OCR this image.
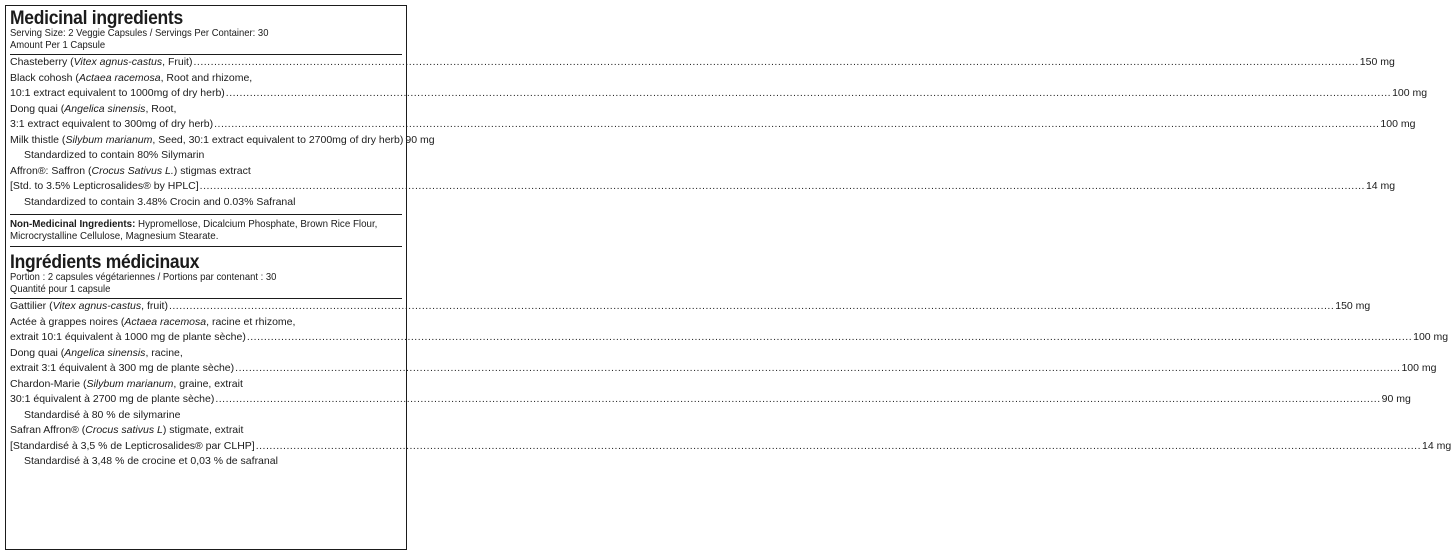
Medicinal ingredients
Serving Size: 2 Veggie Capsules / Servings Per Container: 30
Amount Per 1 Capsule
Chasteberry (Vitex agnus-castus, Fruit) .....	150 mg
Black cohosh (Actaea racemosa, Root and rhizome,
10:1 extract equivalent to 1000mg of dry herb) .....	100 mg
Dong quai (Angelica sinensis, Root,
3:1 extract equivalent to 300mg of dry herb) .....	100 mg
Milk thistle (Silybum marianum, Seed, 30:1 extract equivalent to 2700mg of dry herb) 90 mg
Standardized to contain 80% Silymarin
Affron®: Saffron (Crocus Sativus L.) stigmas extract
[Std. to 3.5% Lepticrosalides® by HPLC] .....	14 mg
Standardized to contain 3.48% Crocin and 0.03% Safranal
Non-Medicinal Ingredients: Hypromellose, Dicalcium Phosphate, Brown Rice Flour, Microcrystalline Cellulose, Magnesium Stearate.
Ingrédients médicinaux
Portion : 2 capsules végétariennes / Portions par contenant : 30
Quantité pour 1 capsule
Gattilier (Vitex agnus-castus, fruit) .....	150 mg
Actée à grappes noires (Actaea racemosa, racine et rhizome,
extrait 10:1 équivalent à 1000 mg de plante sèche) .....	100 mg
Dong quai (Angelica sinensis, racine,
extrait 3:1 équivalent à 300 mg de plante sèche) .....	100 mg
Chardon-Marie (Silybum marianum, graine, extrait
30:1 équivalent à 2700 mg de plante sèche) .....	90 mg
Standardisé à 80 % de silymarine
Safran Affron® (Crocus sativus L) stigmate, extrait
[Standardisé à 3,5 % de Lepticrosalides® par CLHP] .....	14 mg
Standardisé à 3,48 % de crocine et 0,03 % de safranal
